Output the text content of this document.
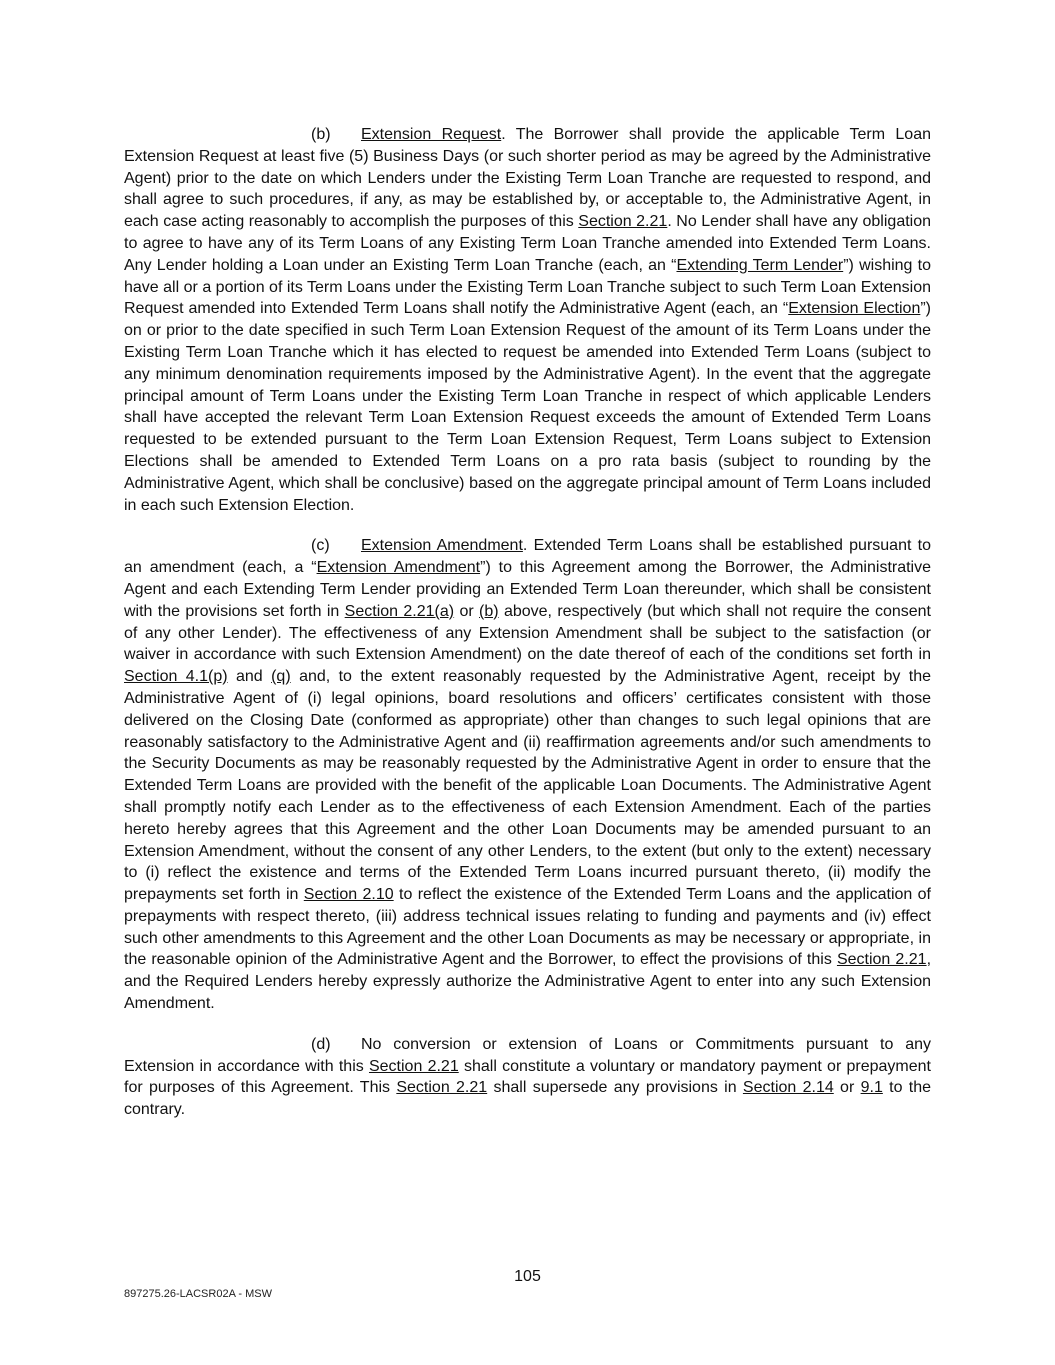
(b) Extension Request. The Borrower shall provide the applicable Term Loan Extension Request at least five (5) Business Days (or such shorter period as may be agreed by the Administrative Agent) prior to the date on which Lenders under the Existing Term Loan Tranche are requested to respond, and shall agree to such procedures, if any, as may be established by, or acceptable to, the Administrative Agent, in each case acting reasonably to accomplish the purposes of this Section 2.21. No Lender shall have any obligation to agree to have any of its Term Loans of any Existing Term Loan Tranche amended into Extended Term Loans. Any Lender holding a Loan under an Existing Term Loan Tranche (each, an “Extending Term Lender”) wishing to have all or a portion of its Term Loans under the Existing Term Loan Tranche subject to such Term Loan Extension Request amended into Extended Term Loans shall notify the Administrative Agent (each, an “Extension Election”) on or prior to the date specified in such Term Loan Extension Request of the amount of its Term Loans under the Existing Term Loan Tranche which it has elected to request be amended into Extended Term Loans (subject to any minimum denomination requirements imposed by the Administrative Agent). In the event that the aggregate principal amount of Term Loans under the Existing Term Loan Tranche in respect of which applicable Lenders shall have accepted the relevant Term Loan Extension Request exceeds the amount of Extended Term Loans requested to be extended pursuant to the Term Loan Extension Request, Term Loans subject to Extension Elections shall be amended to Extended Term Loans on a pro rata basis (subject to rounding by the Administrative Agent, which shall be conclusive) based on the aggregate principal amount of Term Loans included in each such Extension Election.
(c) Extension Amendment. Extended Term Loans shall be established pursuant to an amendment (each, a “Extension Amendment”) to this Agreement among the Borrower, the Administrative Agent and each Extending Term Lender providing an Extended Term Loan thereunder, which shall be consistent with the provisions set forth in Section 2.21(a) or (b) above, respectively (but which shall not require the consent of any other Lender). The effectiveness of any Extension Amendment shall be subject to the satisfaction (or waiver in accordance with such Extension Amendment) on the date thereof of each of the conditions set forth in Section 4.1(p) and (q) and, to the extent reasonably requested by the Administrative Agent, receipt by the Administrative Agent of (i) legal opinions, board resolutions and officers’ certificates consistent with those delivered on the Closing Date (conformed as appropriate) other than changes to such legal opinions that are reasonably satisfactory to the Administrative Agent and (ii) reaffirmation agreements and/or such amendments to the Security Documents as may be reasonably requested by the Administrative Agent in order to ensure that the Extended Term Loans are provided with the benefit of the applicable Loan Documents. The Administrative Agent shall promptly notify each Lender as to the effectiveness of each Extension Amendment. Each of the parties hereto hereby agrees that this Agreement and the other Loan Documents may be amended pursuant to an Extension Amendment, without the consent of any other Lenders, to the extent (but only to the extent) necessary to (i) reflect the existence and terms of the Extended Term Loans incurred pursuant thereto, (ii) modify the prepayments set forth in Section 2.10 to reflect the existence of the Extended Term Loans and the application of prepayments with respect thereto, (iii) address technical issues relating to funding and payments and (iv) effect such other amendments to this Agreement and the other Loan Documents as may be necessary or appropriate, in the reasonable opinion of the Administrative Agent and the Borrower, to effect the provisions of this Section 2.21, and the Required Lenders hereby expressly authorize the Administrative Agent to enter into any such Extension Amendment.
(d) No conversion or extension of Loans or Commitments pursuant to any Extension in accordance with this Section 2.21 shall constitute a voluntary or mandatory payment or prepayment for purposes of this Agreement. This Section 2.21 shall supersede any provisions in Section 2.14 or 9.1 to the contrary.
105
897275.26-LACSR02A - MSW
